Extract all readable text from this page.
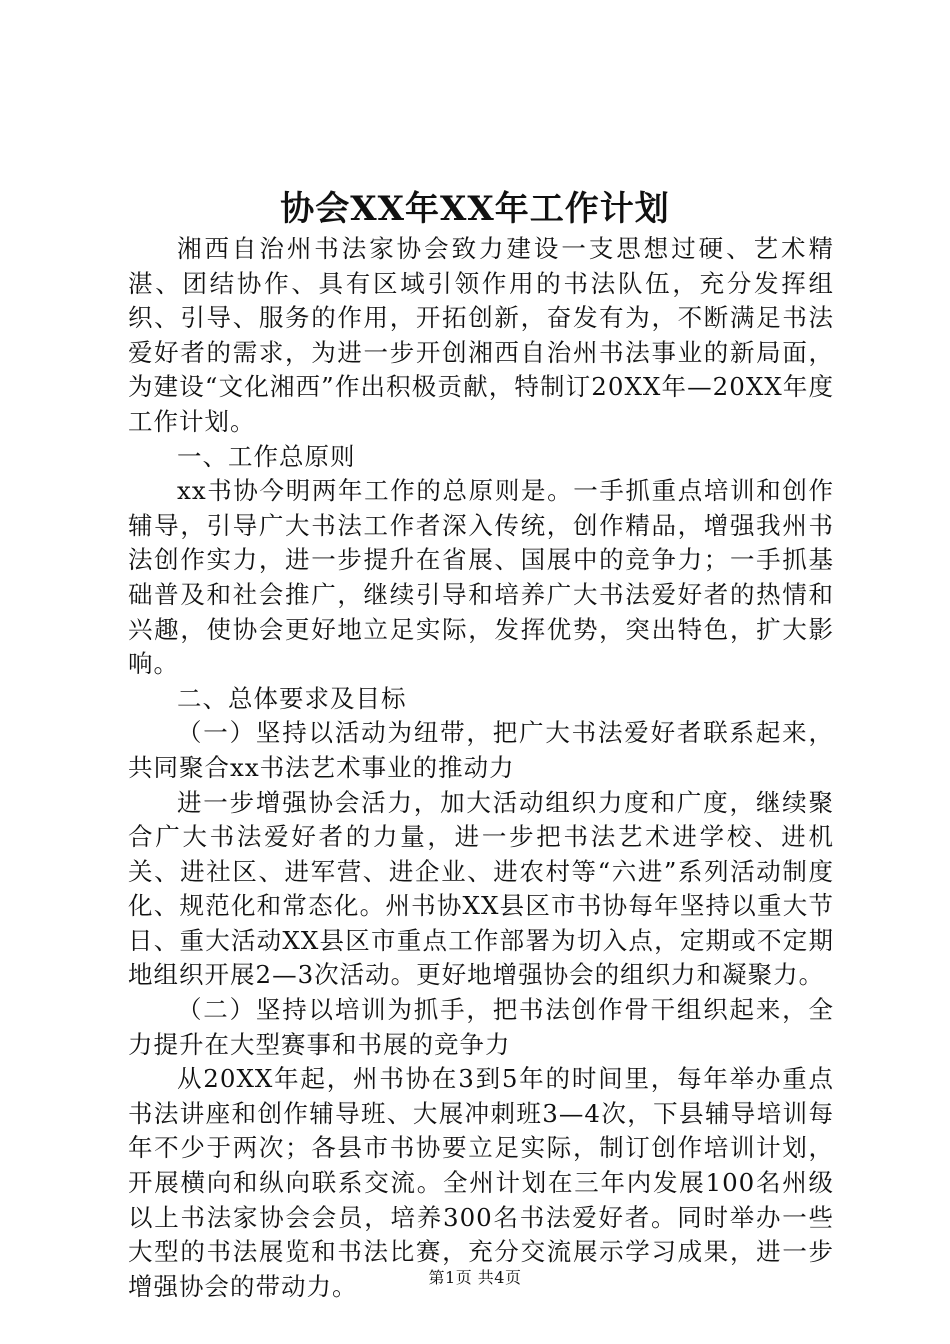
协会XX年XX年工作计划

湘西自治州书法家协会致力建设一支思想过硬、艺术精湛、团结协作、具有区域引领作用的书法队伍，充分发挥组织、引导、服务的作用，开拓创新，奋发有为，不断满足书法爱好者的需求，为进一步开创湘西自治州书法事业的新局面，为建设“文化湘西”作出积极贡献，特制订20XX年—20XX年度工作计划。

一、工作总原则

xx书协今明两年工作的总原则是。一手抓重点培训和创作辅导，引导广大书法工作者深入传统，创作精品，增强我州书法创作实力，进一步提升在省展、国展中的竞争力；一手抓基础普及和社会推广，继续引导和培养广大书法爱好者的热情和兴趣，使协会更好地立足实际，发挥优势，突出特色，扩大影响。

二、总体要求及目标

（一）坚持以活动为纽带，把广大书法爱好者联系起来，共同聚合xx书法艺术事业的推动力

进一步增强协会活力，加大活动组织力度和广度，继续聚合广大书法爱好者的力量，进一步把书法艺术进学校、进机关、进社区、进军营、进企业、进农村等“六进”系列活动制度化、规范化和常态化。州书协XX县区市书协每年坚持以重大节日、重大活动XX县区市重点工作部署为切入点，定期或不定期地组织开展2—3次活动。更好地增强协会的组织力和凝聚力。

（二）坚持以培训为抓手，把书法创作骨干组织起来，全力提升在大型赛事和书展的竞争力

从20XX年起，州书协在3到5年的时间里，每年举办重点书法讲座和创作辅导班、大展冲刺班3—4次，下县辅导培训每年不少于两次；各县市书协要立足实际，制订创作培训计划，开展横向和纵向联系交流。全州计划在三年内发展100名州级以上书法家协会会员，培养300名书法爱好者。同时举办一些大型的书法展览和书法比赛，充分交流展示学习成果，进一步增强协会的带动力。	第1页 共4页
